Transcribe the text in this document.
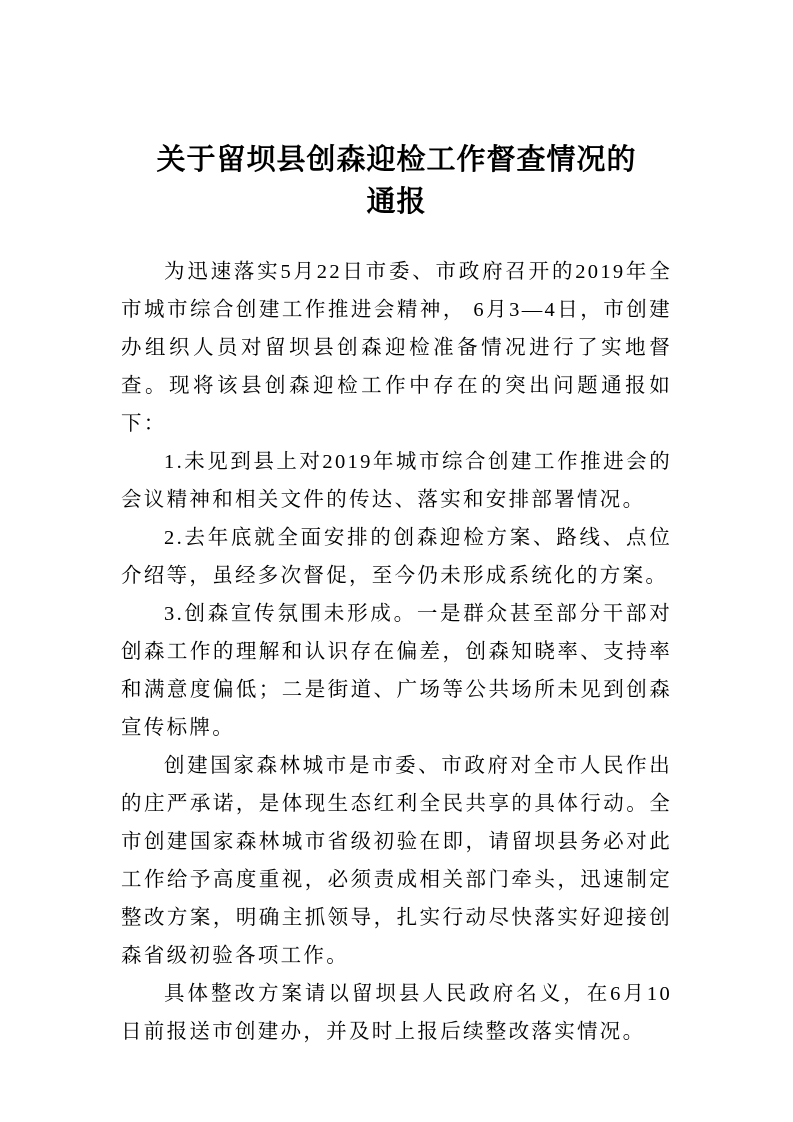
关于留坝县创森迎检工作督查情况的
通报

为迅速落实5月22日市委、市政府召开的2019年全市城市综合创建工作推进会精神， 6月3—4日，市创建办组织人员对留坝县创森迎检准备情况进行了实地督查。现将该县创森迎检工作中存在的突出问题通报如下：

1.未见到县上对2019年城市综合创建工作推进会的会议精神和相关文件的传达、落实和安排部署情况。

2.去年底就全面安排的创森迎检方案、路线、点位介绍等，虽经多次督促，至今仍未形成系统化的方案。

3.创森宣传氛围未形成。一是群众甚至部分干部对创森工作的理解和认识存在偏差，创森知晓率、支持率和满意度偏低；二是街道、广场等公共场所未见到创森宣传标牌。

创建国家森林城市是市委、市政府对全市人民作出的庄严承诺，是体现生态红利全民共享的具体行动。全市创建国家森林城市省级初验在即，请留坝县务必对此工作给予高度重视，必须责成相关部门牵头，迅速制定整改方案，明确主抓领导，扎实行动尽快落实好迎接创森省级初验各项工作。

具体整改方案请以留坝县人民政府名义，在6月10日前报送市创建办，并及时上报后续整改落实情况。
